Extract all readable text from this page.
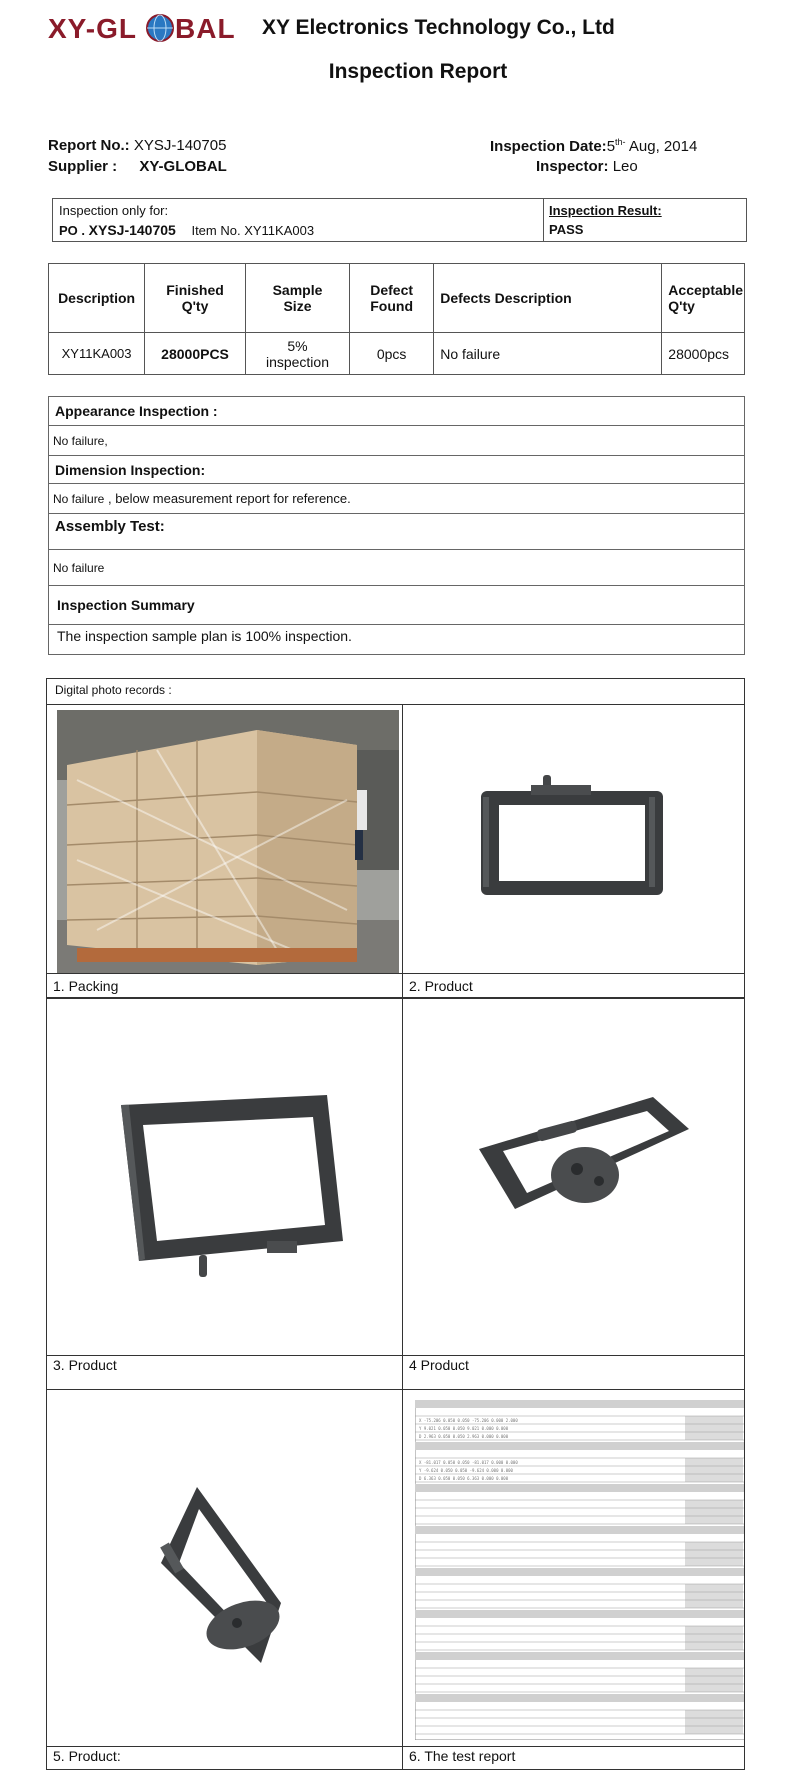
XY-GL BAL XY Electronics Technology Co., Ltd
Inspection Report
Report No.: XYSJ-140705
Supplier : XY-GLOBAL
Inspection $Date:5^{th-}$ Aug, 2014
Inspector: Leo
Inspection only for:
PO . XYSJ-140705 Item No. XY11KA003
Inspection Result:
PASS
Description	Finished Q'ty	Sample Size	Defect Found	Defects Description	Acceptable Q'ty
XY11KA003	28000PCS	5% inspection	0pcs	No failure	28000pcs
Appearance Inspection :
No failure,
Dimension Inspection:
No failure , below measurement report for reference.
Assembly Test:
No failure
Inspection Summary
The inspection sample plan is 100% inspection.
Digital photo records :
1. Packing	2. Product
3. Product	4 Product
5. Product:
X -75.206 0.050 0.050 -75.206 0.000 2.000
Y 9.021 0.050 0.050 9.021 0.000 0.000
D 2.963 0.050 0.050 2.963 0.000 0.000
X -81.017 0.050 0.050 -81.017 0.000 0.000
Y -9.624 0.050 0.050 -9.624 0.000 0.000
D 6.363 0.050 0.050 6.363 0.000 0.000
6. The test report
